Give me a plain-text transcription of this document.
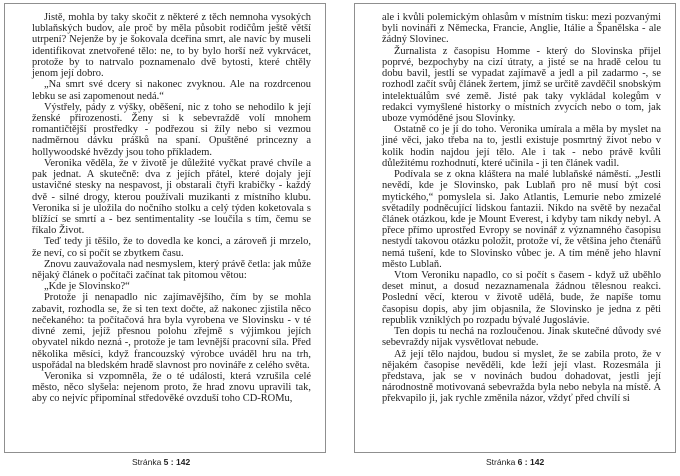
Jistě, mohla by taky skočit z některé z těch nemnoha vysokých lublaňských budov, ale proč by měla působit rodičům ještě větší utrpení? Nejenže by je šokovala dceřina smrt, ale navíc by museli identifikovat znetvořené tělo: ne, to by bylo horší než vykrvácet, protože by to natrvalo poznamenalo dvě bytosti, které chtěly jenom její dobro.

„Na smrt své dcery si nakonec zvyknou. Ale na rozdrcenou lebku se asi zapomenout nedá.“

Výstřely, pády z výšky, oběšení, nic z toho se nehodilo k její ženské přirozenosti. Ženy si k sebevraždě volí mnohem romantičtější prostředky - podřezou si žíly nebo si vezmou nadměrnou dávku prášků na spaní. Opuštěné princezny a hollywoodské hvězdy jsou toho příkladem.

Veronika věděla, že v životě je důležité vyčkat pravé chvíle a pak jednat. A skutečně: dva z jejích přátel, které dojaly její ustavičné stesky na nespavost, ji obstarali čtyři krabičky - každý dvě - silné drogy, kterou používali muzikanti z místního klubu. Veronika si je uložila do nočního stolku a celý týden koketovala s blížící se smrtí a - bez sentimentality -se loučila s tím, čemu se říkalo Život.

Teď tedy ji těšilo, že to dovedla ke konci, a zároveň ji mrzelo, že neví, co si počít se zbytkem času.

Znovu zauvažovala nad nesmyslem, který právě četla: jak může nějaký článek o počítači začínat tak pitomou větou:

„Kde je Slovinsko?“

Protože ji nenapadlo nic zajímavějšího, čím by se mohla zabavit, rozhodla se, že si ten text dočte, až nakonec zjistila něco nečekaného: ta počítačová hra byla vyrobena ve Slovinsku - v té divné zemi, jejíž přesnou polohu zřejmě s výjimkou jejích obyvatel nikdo nezná -, protože je tam levnější pracovní síla. Před několika měsíci, když francouzský výrobce uváděl hru na trh, uspořádal na bledském hradě slavnost pro novináře z celého světa.

Veronika si vzpomněla, že o té události, která vzrušila celé město, něco slyšela: nejenom proto, že hrad znovu upravili tak, aby co nejvíc připomínal středověké ovzduší toho CD-ROMu,

ale i kvůli polemickým ohlasům v místním tisku: mezi pozvanými byli novináři z Německa, Francie, Anglie, Itálie a Španělska - ale žádný Slovinec.

Žurnalista z časopisu Homme - který do Slovinska přijel poprvé, bezpochyby na cizí útraty, a jisté se na hradě celou tu dobu bavil, jestli se vypadat zajímavě a jedl a pil zadarmo -, se rozhodl začít svůj článek žertem, jímž se určitě zavděčil snobským intelektuálům své země. Jisté pak taky vykládal kolegům v redakci vymyšlené historky o místních zvycích nebo o tom, jak uboze vymóděné jsou Slovinky.

Ostatně co je jí do toho. Veronika umírala a měla by myslet na jiné věci, jako třeba na to, jestli existuje posmrtný život nebo v kolik hodin najdou její tělo. Ale i tak - nebo právě kvůli důležitému rozhodnutí, které učinila - ji ten článek vadil.

Podívala se z okna kláštera na malé lublaňské náměstí. „Jestli nevědí, kde je Slovinsko, pak Lublaň pro ně musí být cosi mytického,“ pomyslela si. Jako Atlantis, Lemurie nebo zmizelé světadíly podněcující lidskou fantazii. Nikdo na světě by nezačal článek otázkou, kde je Mount Everest, i kdyby tam nikdy nebyl. A přece přímo uprostřed Evropy se novinář z významného časopisu nestydí takovou otázku položit, protože ví, že většina jeho čtenářů nemá tušení, kde to Slovinsko vůbec je. A tím méně jeho hlavní město Lublaň.

Vtom Veroniku napadlo, co si počít s časem - když už uběhlo deset minut, a dosud nezaznamenala žádnou tělesnou reakci. Poslední věcí, kterou v životě udělá, bude, že napíše tomu časopisu dopis, aby jim objasnila, že Slovinsko je jedna z pěti republik vzniklých po rozpadu bývalé Jugoslávie.

Ten dopis tu nechá na rozloučenou. Jinak skutečné důvody své sebevraždy nijak vysvětlovat nebude.

Až její tělo najdou, budou si myslet, že se zabila proto, že v nějakém časopise nevěděli, kde leží její vlast. Rozesmála ji představa, jak se v novinách budou dohadovat, jestli její národnostně motivovaná sebevražda byla nebo nebyla na místě. A překvapilo ji, jak rychle změnila názor, vždyť před chvílí si

Stránka 5 : 142	Stránka 6 : 142
